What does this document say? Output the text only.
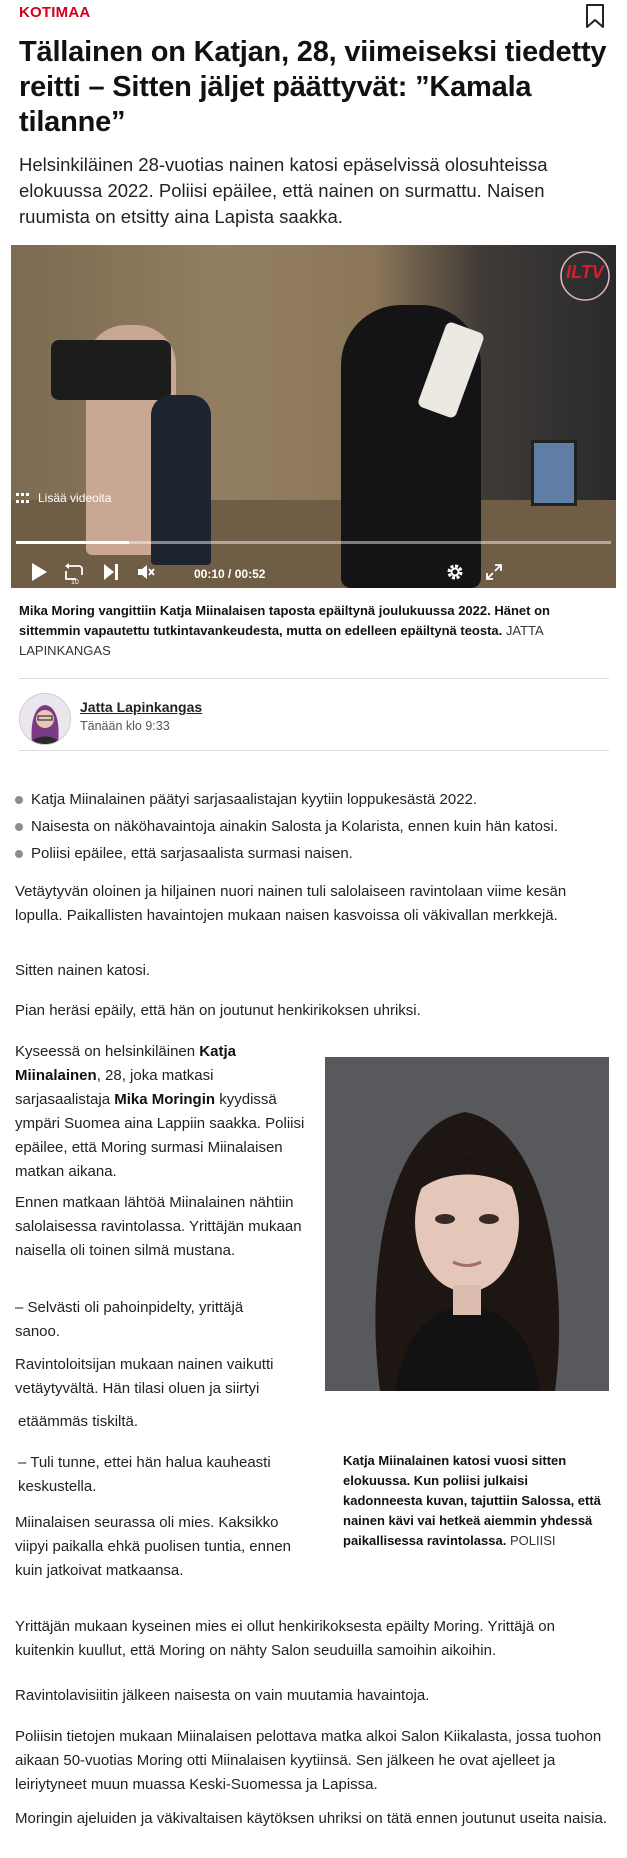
KOTIMAA
Tällainen on Katjan, 28, viimeiseksi tiedetty reitti – Sitten jäljet päättyvät: ”Kamala tilanne”

Helsinkiläinen 28-vuotias nainen katosi epäselvissä olosuhteissa elokuussa 2022. Poliisi epäilee, että nainen on surmattu. Naisen ruumista on etsitty aina Lapista saakka.

ILTV
Lisää videoita
10
00:10 / 00:52

Mika Moring vangittiin Katja Miinalaisen taposta epäiltynä joulukuussa 2022. Hänet on sittemmin vapautettu tutkintavankeudesta, mutta on edelleen epäiltynä teosta. JATTA LAPINKANGAS

Jatta Lapinkangas
Tänään klo 9:33
Katja Miinalainen päätyi sarjasaalistajan kyytiin loppukesästä 2022.
Naisesta on näköhavaintoja ainakin Salosta ja Kolarista, ennen kuin hän katosi.
Poliisi epäilee, että sarjasaalista surmasi naisen.

Vetäytyvän oloinen ja hiljainen nuori nainen tuli salolaiseen ravintolaan viime kesän lopulla. Paikallisten havaintojen mukaan naisen kasvoissa oli väkivallan merkkejä.

Sitten nainen katosi.

Pian heräsi epäily, että hän on joutunut henkirikoksen uhriksi.

Kyseessä on helsinkiläinen Katja Miinalainen, 28, joka matkasi sarjasaalistaja Mika Moringin kyydissä ympäri Suomea aina Lappiin saakka. Poliisi epäilee, että Moring surmasi Miinalaisen matkan aikana.

Ennen matkaan lähtöä Miinalainen nähtiin salolaisessa ravintolassa. Yrittäjän mukaan naisella oli toinen silmä mustana.

– Selvästi oli pahoinpidelty, yrittäjä sanoo.

Ravintoloitsijan mukaan nainen vaikutti vetäytyvältä. Hän tilasi oluen ja siirtyi

etäämmäs tiskiltä.

– Tuli tunne, ettei hän halua kauheasti keskustella.

Miinalaisen seurassa oli mies. Kaksikko viipyi paikalla ehkä puolisen tuntia, ennen kuin jatkoivat matkaansa.

Katja Miinalainen katosi vuosi sitten elokuussa. Kun poliisi julkaisi kadonneesta kuvan, tajuttiin Salossa, että nainen kävi vai hetkeä aiemmin yhdessä paikallisessa ravintolassa. POLIISI

Yrittäjän mukaan kyseinen mies ei ollut henkirikoksesta epäilty Moring. Yrittäjä on kuitenkin kuullut, että Moring on nähty Salon seuduilla samoihin aikoihin.

Ravintolavisiitin jälkeen naisesta on vain muutamia havaintoja.

Poliisin tietojen mukaan Miinalaisen pelottava matka alkoi Salon Kiikalasta, jossa tuohon aikaan 50-vuotias Moring otti Miinalaisen kyytiinsä. Sen jälkeen he ovat ajelleet ja leiriytyneet muun muassa Keski-Suomessa ja Lapissa.

Moringin ajeluiden ja väkivaltaisen käytöksen uhriksi on tätä ennen joutunut useita naisia.
